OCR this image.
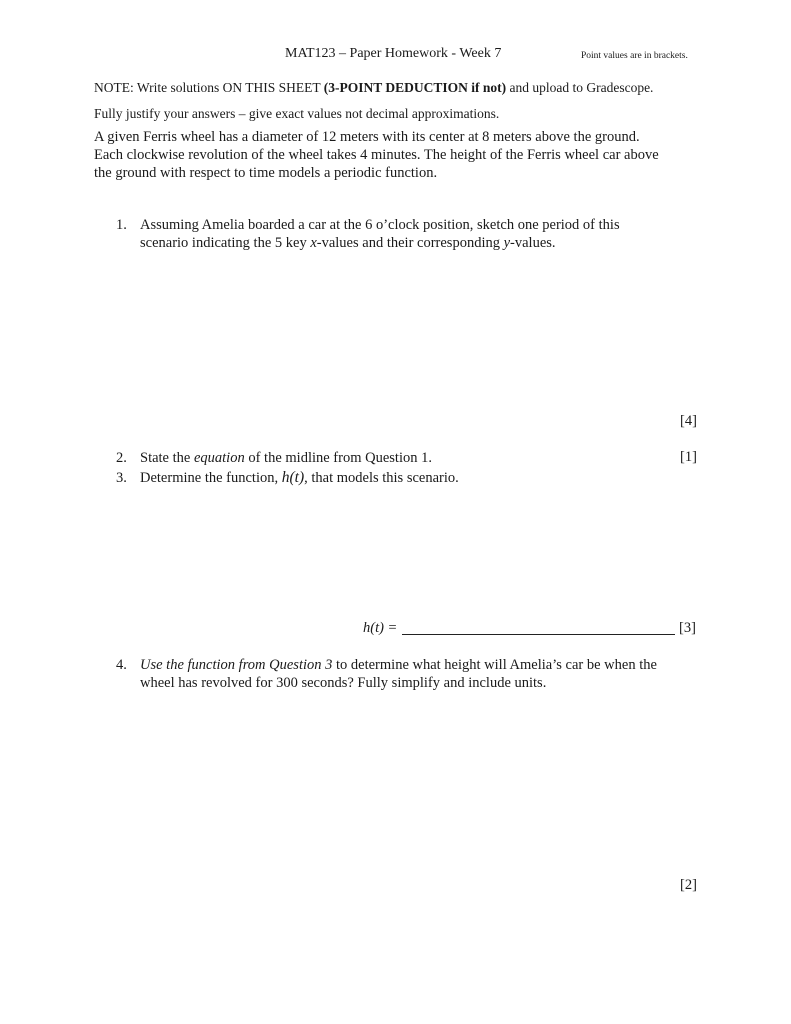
MAT123 – Paper Homework - Week 7	Point values are in brackets.
NOTE: Write solutions ON THIS SHEET (3-POINT DEDUCTION if not) and upload to Gradescope.
Fully justify your answers – give exact values not decimal approximations.
A given Ferris wheel has a diameter of 12 meters with its center at 8 meters above the ground.
Each clockwise revolution of the wheel takes 4 minutes. The height of the Ferris wheel car above
the ground with respect to time models a periodic function.
1. Assuming Amelia boarded a car at the 6 o’clock position, sketch one period of this
scenario indicating the 5 key x-values and their corresponding y-values.
[4]
2. State the equation of the midline from Question 1.	[1]
3. Determine the function, h(t), that models this scenario.
h(t) =	[3]
4. Use the function from Question 3 to determine what height will Amelia’s car be when the
wheel has revolved for 300 seconds? Fully simplify and include units.
[2]
